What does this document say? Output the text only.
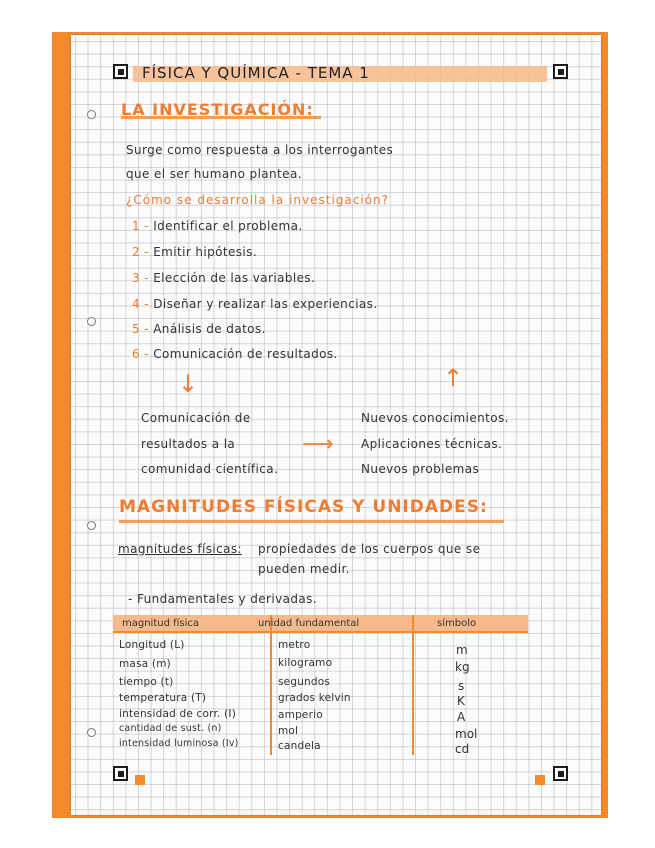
FÍSICA Y QUÍMICA - TEMA 1
LA INVESTIGACIÓN:
Surge como respuesta a los interrogantes
que el ser humano plantea.
¿Cómo se desarrolla la investigación?
1 - Identificar el problema.
2 - Emitir hipótesis.
3 - Elección de las variables.
4 - Diseñar y realizar las experiencias.
5 - Análisis de datos.
6 - Comunicación de resultados.
↓	↑
⟶
Comunicación de
resultados a la
comunidad científica.
Nuevos conocimientos.
Aplicaciones técnicas.
Nuevos problemas
MAGNITUDES FÍSICAS Y UNIDADES:
magnitudes físicas: propiedades de los cuerpos que se
pueden medir.
- Fundamentales y derivadas.
magnitud física	unidad fundamental	símbolo
Longitud (L)	metro	m
masa (m)	kilogramo	kg
tiempo (t)	segundos	s
temperatura (T)	grados kelvin	K
intensidad de corr. (I)	amperio	A
cantidad de sust. (n)	mol	mol
intensidad luminosa (Iv)	candela	cd
